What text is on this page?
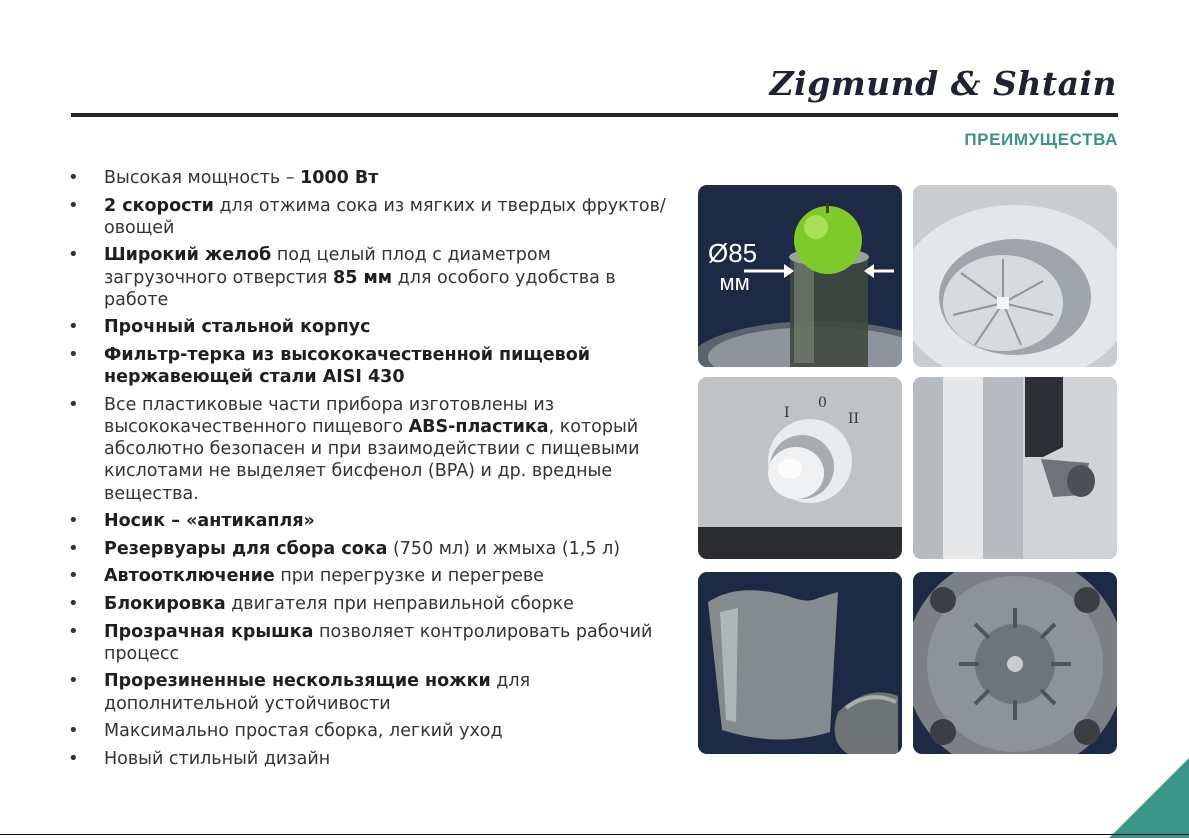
Zigmund & Shtain
ПРЕИМУЩЕСТВА
• Высокая мощность – 1000 Вт
• 2 скорости для отжима сока из мягких и твердых фруктов/овощей
• Широкий желоб под целый плод с диаметром загрузочного отверстия 85 мм для особого удобства в работе
• Прочный стальной корпус
• Фильтр-терка из высококачественной пищевой нержавеющей стали AISI 430
• Все пластиковые части прибора изготовлены из высококачественного пищевого ABS-пластика, который абсолютно безопасен и при взаимодействии с пищевыми кислотами не выделяет бисфенол (BPA) и др. вредные вещества.
• Носик – «антикапля»
• Резервуары для сбора сока (750 мл) и жмыха (1,5 л)
• Автоотключение при перегрузке и перегреве
• Блокировка двигателя при неправильной сборке
• Прозрачная крышка позволяет контролировать рабочий процесс
• Прорезиненные нескользящие ножки для дополнительной устойчивости
• Максимально простая сборка, легкий уход
• Новый стильный дизайн
Ø85
мм
I
0
II
